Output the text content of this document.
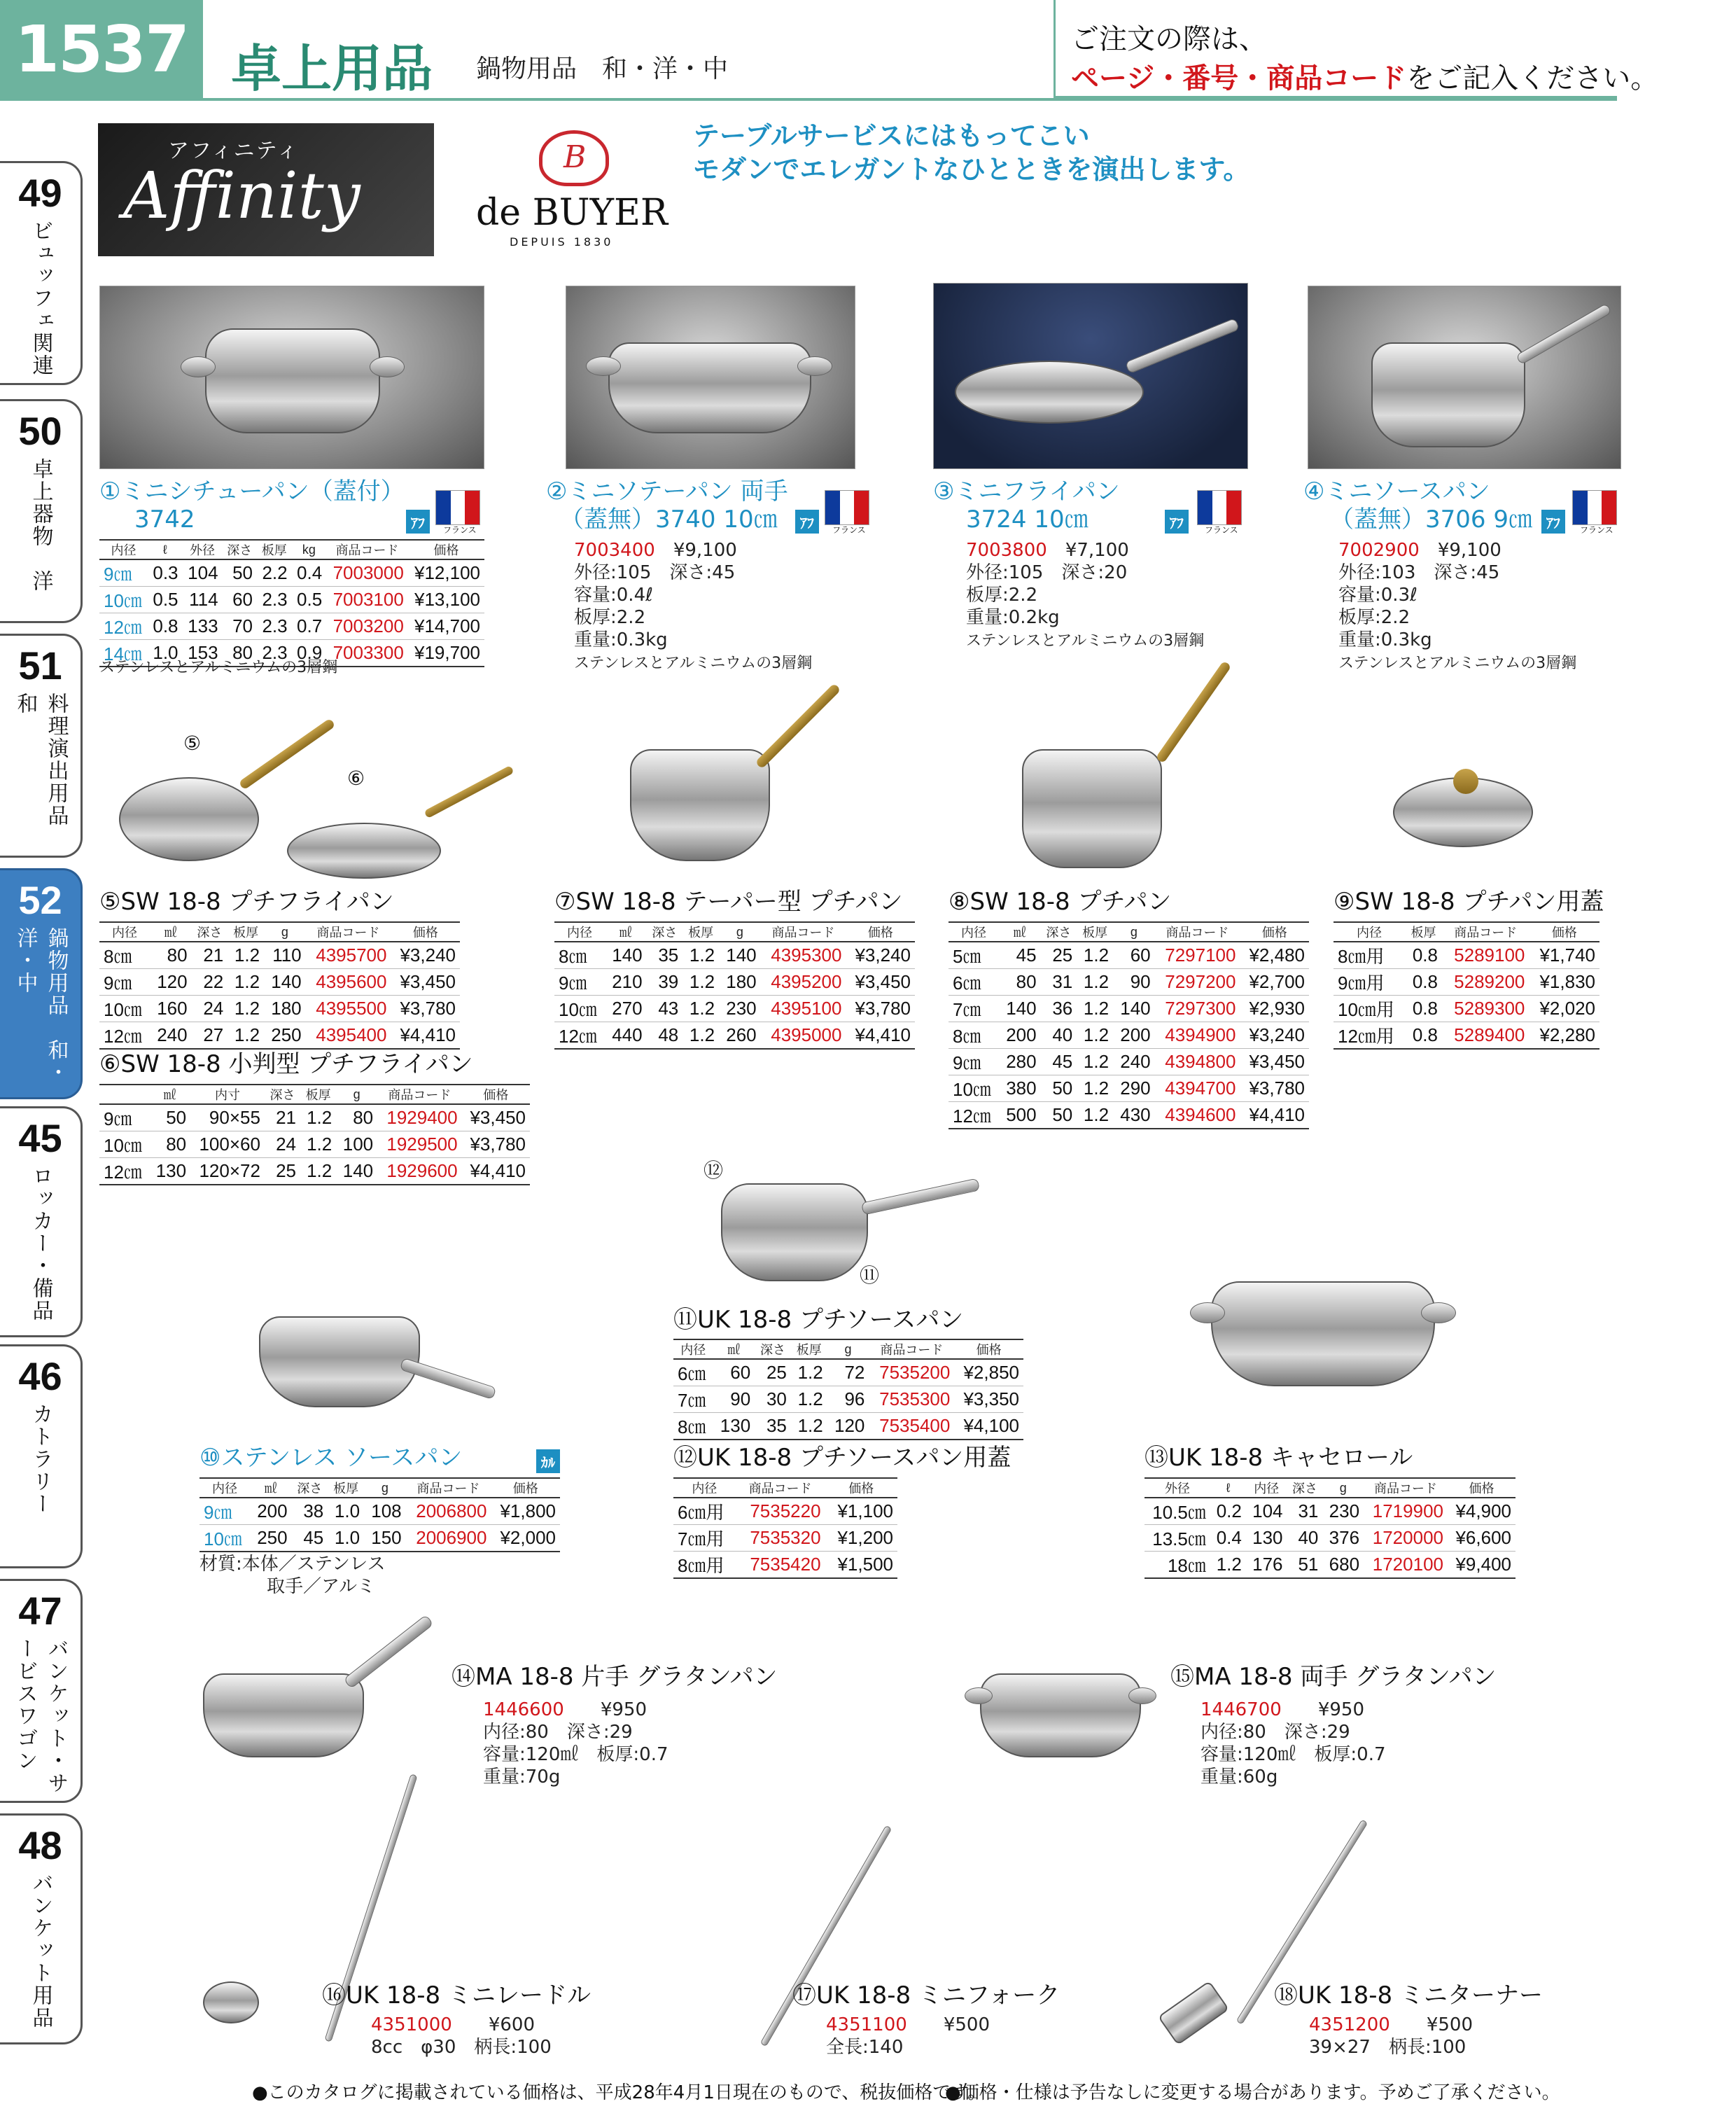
1537 卓上用品 鍋物用品　和・洋・中
ご注文の際は、
ページ・番号・商品コードをご記入ください。
49
ビュッフェ関連
50
卓上器物　洋
51
料理演出用品　和
52
鍋物用品　和・洋・中
45
ロッカー・備品
46
カトラリー
47
バンケット・サービスワゴン
48
バンケット用品
アフィニティ
Affinity
B	de BUYER
DEPUIS 1830
テーブルサービスにはもってこい
モダンでエレガントなひとときを演出します。
①ミニシチューパン（蓋付）
3742	ｱﾌ	フランス
内径	ℓ	外径	深さ	板厚	kg	商品コード	価格
9㎝	0.3	104	50	2.2	0.4	7003000	¥12,100
10㎝	0.5	114	60	2.3	0.5	7003100	¥13,100
12㎝	0.8	133	70	2.3	0.7	7003200	¥14,700
14㎝	1.0	153	80	2.3	0.9	7003300	¥19,700
ステンレスとアルミニウムの3層鋼
②ミニソテーパン 両手
（蓋無）3740 10㎝	ｱﾌ	フランス
7003400　 ¥9,100
外径:105　深さ:45
容量:0.4ℓ
板厚:2.2
重量:0.3kg
ステンレスとアルミニウムの3層鋼
③ミニフライパン
3724 10㎝	ｱﾌ	フランス
7003800　 ¥7,100
外径:105　深さ:20
板厚:2.2
重量:0.2kg
ステンレスとアルミニウムの3層鋼
④ミニソースパン
（蓋無）3706 9㎝	ｱﾌ	フランス
7002900　 ¥9,100
外径:103　深さ:45
容量:0.3ℓ
板厚:2.2
重量:0.3kg
ステンレスとアルミニウムの3層鋼
⑤
⑥
⑤SW 18-8 プチフライパン
内径	㎖	深さ	板厚	g	商品コード	価格
8㎝	80	21	1.2	110	4395700	¥3,240
9㎝	120	22	1.2	140	4395600	¥3,450
10㎝	160	24	1.2	180	4395500	¥3,780
12㎝	240	27	1.2	250	4395400	¥4,410
⑥SW 18-8 小判型 プチフライパン
	㎖	内寸	深さ	板厚	g	商品コード	価格
9㎝	50	90×55	21	1.2	80	1929400	¥3,450
10㎝	80	100×60	24	1.2	100	1929500	¥3,780
12㎝	130	120×72	25	1.2	140	1929600	¥4,410
⑦SW 18-8 テーパー型 プチパン
内径	㎖	深さ	板厚	g	商品コード	価格
8㎝	140	35	1.2	140	4395300	¥3,240
9㎝	210	39	1.2	180	4395200	¥3,450
10㎝	270	43	1.2	230	4395100	¥3,780
12㎝	440	48	1.2	260	4395000	¥4,410
⑧SW 18-8 プチパン
内径	㎖	深さ	板厚	g	商品コード	価格
5㎝	45	25	1.2	60	7297100	¥2,480
6㎝	80	31	1.2	90	7297200	¥2,700
7㎝	140	36	1.2	140	7297300	¥2,930
8㎝	200	40	1.2	200	4394900	¥3,240
9㎝	280	45	1.2	240	4394800	¥3,450
10㎝	380	50	1.2	290	4394700	¥3,780
12㎝	500	50	1.2	430	4394600	¥4,410
⑨SW 18-8 プチパン用蓋
内径	板厚	商品コード	価格
8㎝用	0.8	5289100	¥1,740
9㎝用	0.8	5289200	¥1,830
10㎝用	0.8	5289300	¥2,020
12㎝用	0.8	5289400	¥2,280
⑫
⑪
⑪UK 18-8 プチソースパン
内径	㎖	深さ	板厚	g	商品コード	価格
6㎝	60	25	1.2	72	7535200	¥2,850
7㎝	90	30	1.2	96	7535300	¥3,350
8㎝	130	35	1.2	120	7535400	¥4,100
⑩ステンレス ソースパン	ｶﾙ
内径	㎖	深さ	板厚	g	商品コード	価格
9㎝	200	38	1.0	108	2006800	¥1,800
10㎝	250	45	1.0	150	2006900	¥2,000
材質:本体／ステンレス
取手／アルミ
⑫UK 18-8 プチソースパン用蓋
内径	商品コード	価格
6㎝用	7535220	¥1,100
7㎝用	7535320	¥1,200
8㎝用	7535420	¥1,500
⑬UK 18-8 キャセロール
外径	ℓ	内径	深さ	g	商品コード	価格
10.5㎝	0.2	104	31	230	1719900	¥4,900
13.5㎝	0.4	130	40	376	1720000	¥6,600
18㎝	1.2	176	51	680	1720100	¥9,400
⑭MA 18-8 片手 グラタンパン
1446600　　 ¥950
内径:80　深さ:29
容量:120㎖　板厚:0.7
重量:70g
⑮MA 18-8 両手 グラタンパン
1446700　　 ¥950
内径:80　深さ:29
容量:120㎖　板厚:0.7
重量:60g
⑯UK 18-8 ミニレードル
4351000　　 ¥600
8cc　φ30　柄長:100
⑰UK 18-8 ミニフォーク
4351100　　 ¥500
全長:140
⑱UK 18-8 ミニターナー
4351200　　 ¥500
39×27　柄長:100
●このカタログに掲載されている価格は、平成28年4月1日現在のもので、税抜価格です。
●価格・仕様は予告なしに変更する場合があります。予めご了承ください。
